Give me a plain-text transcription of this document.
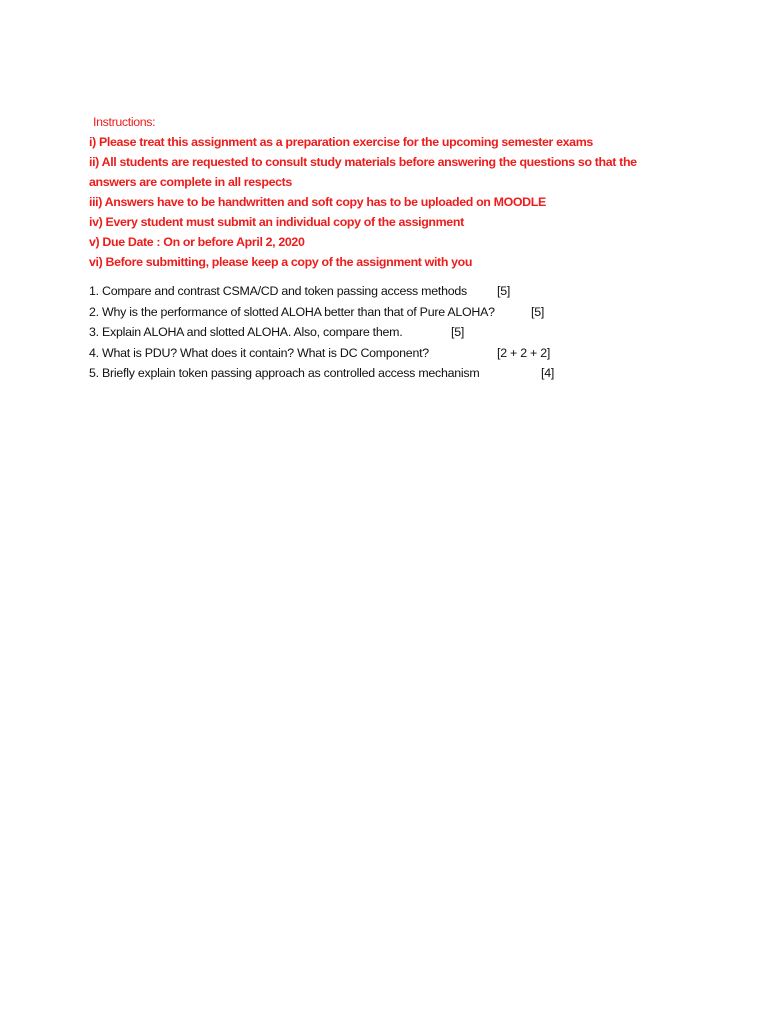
Instructions:
i) Please treat this assignment as a preparation exercise for the upcoming semester exams
ii) All students are requested to consult study materials before answering the questions so that the
answers are complete in all respects
iii) Answers have to be handwritten and soft copy has to be uploaded on MOODLE
iv) Every student must submit an individual copy of the assignment
v) Due Date : On or before April 2, 2020
vi) Before submitting, please keep a copy of the assignment with you
1. Compare and contrast CSMA/CD and token passing access methods [5]
2. Why is the performance of slotted ALOHA better than that of Pure ALOHA?	[5]
3. Explain ALOHA and slotted ALOHA. Also, compare them.	[5]
4. What is PDU? What does it contain? What is DC Component?	[2 + 2 + 2]
5. Briefly explain token passing approach as controlled access mechanism	[4]
